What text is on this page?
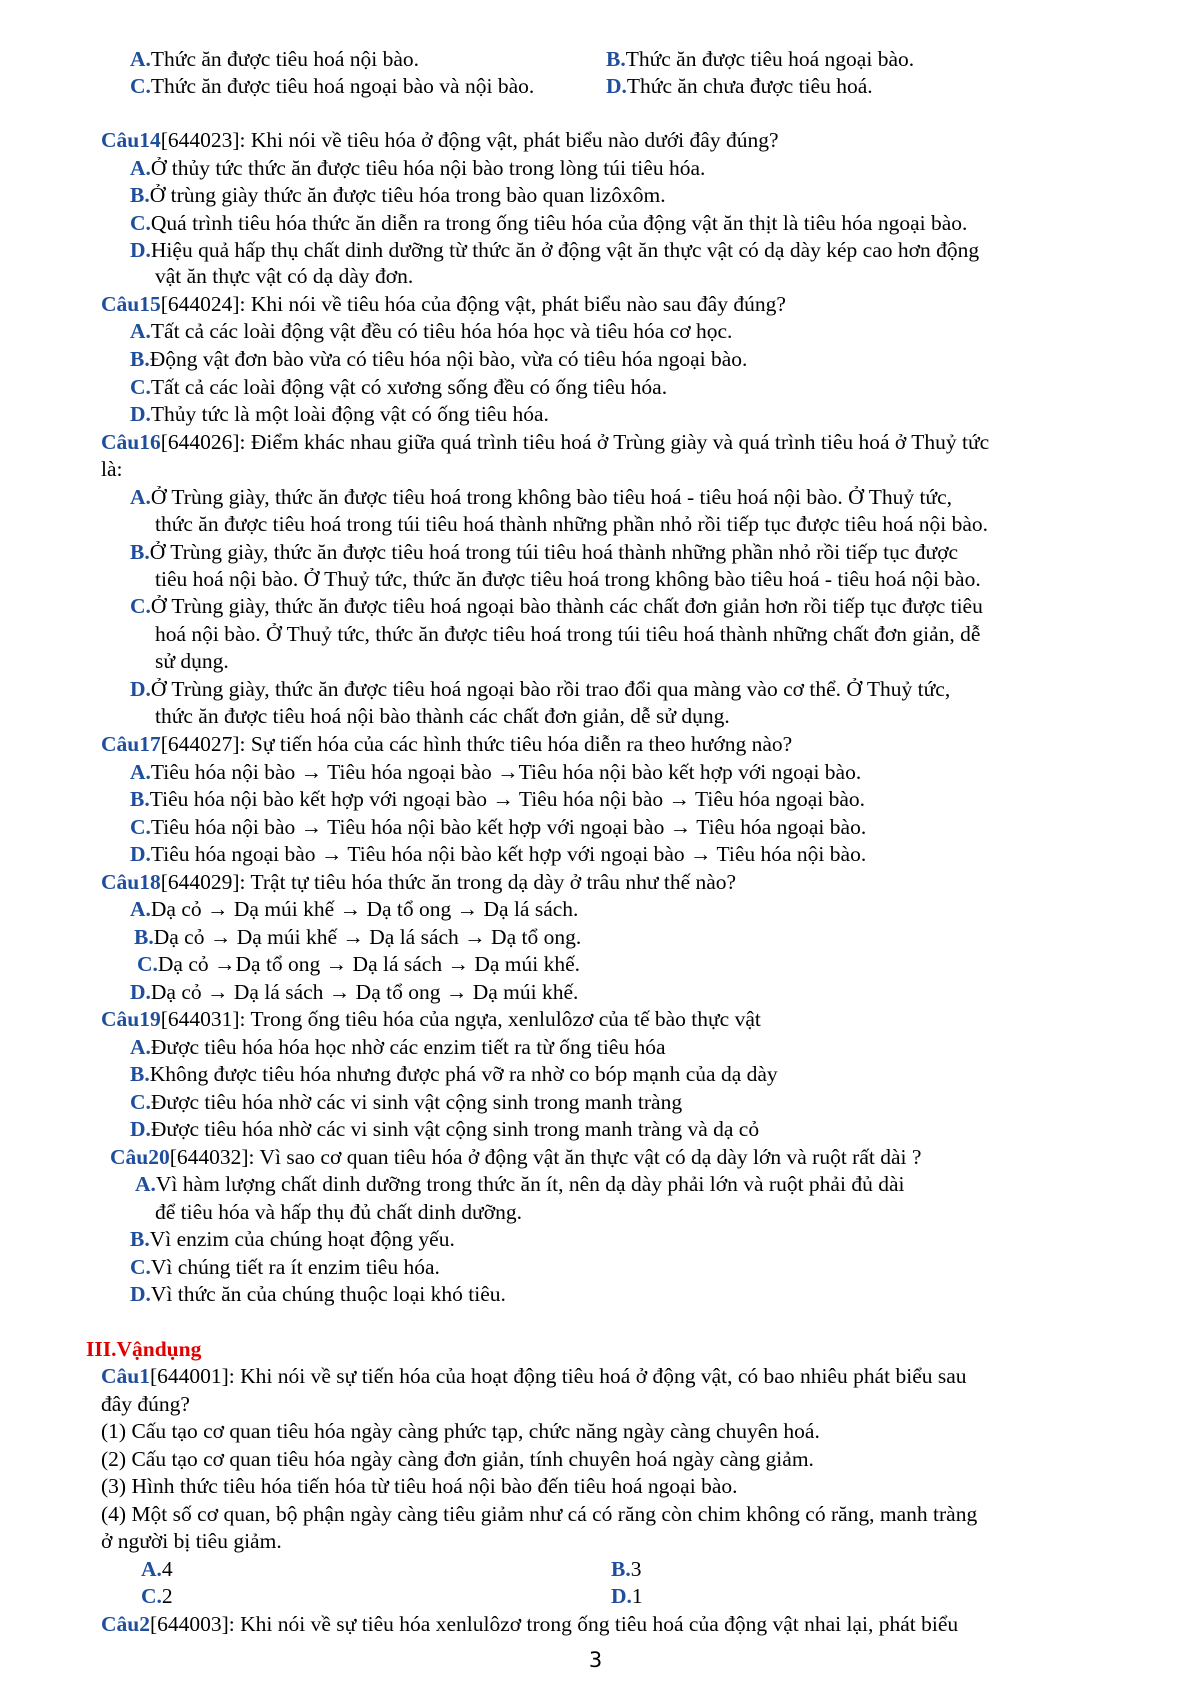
A.Thức ăn được tiêu hoá nội bào.	B.Thức ăn được tiêu hoá ngoại bào.
C.Thức ăn được tiêu hoá ngoại bào và nội bào.	D.Thức ăn chưa được tiêu hoá.
Câu14[644023]: Khi nói về tiêu hóa ở động vật, phát biểu nào dưới đây đúng?
A.Ở thủy tức thức ăn được tiêu hóa nội bào trong lòng túi tiêu hóa.
B.Ở trùng giày thức ăn được tiêu hóa trong bào quan lizôxôm.
C.Quá trình tiêu hóa thức ăn diễn ra trong ống tiêu hóa của động vật ăn thịt là tiêu hóa ngoại bào.
D.Hiệu quả hấp thụ chất dinh dưỡng từ thức ăn ở động vật ăn thực vật có dạ dày kép cao hơn động
vật ăn thực vật có dạ dày đơn.
Câu15[644024]: Khi nói về tiêu hóa của động vật, phát biểu nào sau đây đúng?
A.Tất cả các loài động vật đều có tiêu hóa hóa học và tiêu hóa cơ học.
B.Động vật đơn bào vừa có tiêu hóa nội bào, vừa có tiêu hóa ngoại bào.
C.Tất cả các loài động vật có xương sống đều có ống tiêu hóa.
D.Thủy tức là một loài động vật có ống tiêu hóa.
Câu16[644026]: Điểm khác nhau giữa quá trình tiêu hoá ở Trùng giày và quá trình tiêu hoá ở Thuỷ tức
là:
A.Ở Trùng giày, thức ăn được tiêu hoá trong không bào tiêu hoá - tiêu hoá nội bào. Ở Thuỷ tức,
thức ăn được tiêu hoá trong túi tiêu hoá thành những phần nhỏ rồi tiếp tục được tiêu hoá nội bào.
B.Ở Trùng giày, thức ăn được tiêu hoá trong túi tiêu hoá thành những phần nhỏ rồi tiếp tục được
tiêu hoá nội bào. Ở Thuỷ tức, thức ăn được tiêu hoá trong không bào tiêu hoá - tiêu hoá nội bào.
C.Ở Trùng giày, thức ăn được tiêu hoá ngoại bào thành các chất đơn giản hơn rồi tiếp tục được tiêu
hoá nội bào. Ở Thuỷ tức, thức ăn được tiêu hoá trong túi tiêu hoá thành những chất đơn giản, dễ
sử dụng.
D.Ở Trùng giày, thức ăn được tiêu hoá ngoại bào rồi trao đổi qua màng vào cơ thể. Ở Thuỷ tức,
thức ăn được tiêu hoá nội bào thành các chất đơn giản, dễ sử dụng.
Câu17[644027]: Sự tiến hóa của các hình thức tiêu hóa diễn ra theo hướng nào?
A.Tiêu hóa nội bào → Tiêu hóa ngoại bào →Tiêu hóa nội bào kết hợp với ngoại bào.
B.Tiêu hóa nội bào kết hợp với ngoại bào → Tiêu hóa nội bào → Tiêu hóa ngoại bào.
C.Tiêu hóa nội bào → Tiêu hóa nội bào kết hợp với ngoại bào → Tiêu hóa ngoại bào.
D.Tiêu hóa ngoại bào → Tiêu hóa nội bào kết hợp với ngoại bào → Tiêu hóa nội bào.
Câu18[644029]: Trật tự tiêu hóa thức ăn trong dạ dày ở trâu như thế nào?
A.Dạ cỏ → Dạ múi khế → Dạ tổ ong → Dạ lá sách.
B.Dạ cỏ → Dạ múi khế → Dạ lá sách → Dạ tổ ong.
C.Dạ cỏ →Dạ tổ ong → Dạ lá sách → Dạ múi khế.
D.Dạ cỏ → Dạ lá sách → Dạ tổ ong → Dạ múi khế.
Câu19[644031]: Trong ống tiêu hóa của ngựa, xenlulôzơ của tế bào thực vật
A.Được tiêu hóa hóa học nhờ các enzim tiết ra từ ống tiêu hóa
B.Không được tiêu hóa nhưng được phá vỡ ra nhờ co bóp mạnh của dạ dày
C.Được tiêu hóa nhờ các vi sinh vật cộng sinh trong manh tràng
D.Được tiêu hóa nhờ các vi sinh vật cộng sinh trong manh tràng và dạ cỏ
Câu20[644032]: Vì sao cơ quan tiêu hóa ở động vật ăn thực vật có dạ dày lớn và ruột rất dài ?
A.Vì hàm lượng chất dinh dưỡng trong thức ăn ít, nên dạ dày phải lớn và ruột phải đủ dài
để tiêu hóa và hấp thụ đủ chất dinh dưỡng.
B.Vì enzim của chúng hoạt động yếu.
C.Vì chúng tiết ra ít enzim tiêu hóa.
D.Vì thức ăn của chúng thuộc loại khó tiêu.
III.Vậndụng
Câu1[644001]: Khi nói về sự tiến hóa của hoạt động tiêu hoá ở động vật, có bao nhiêu phát biểu sau
đây đúng?
(1) Cấu tạo cơ quan tiêu hóa ngày càng phức tạp, chức năng ngày càng chuyên hoá.
(2) Cấu tạo cơ quan tiêu hóa ngày càng đơn giản, tính chuyên hoá ngày càng giảm.
(3) Hình thức tiêu hóa tiến hóa từ tiêu hoá nội bào đến tiêu hoá ngoại bào.
(4) Một số cơ quan, bộ phận ngày càng tiêu giảm như cá có răng còn chim không có răng, manh tràng
ở người bị tiêu giảm.
A.4	B.3
C.2	D.1
Câu2[644003]: Khi nói về sự tiêu hóa xenlulôzơ trong ống tiêu hoá của động vật nhai lại, phát biểu
3
